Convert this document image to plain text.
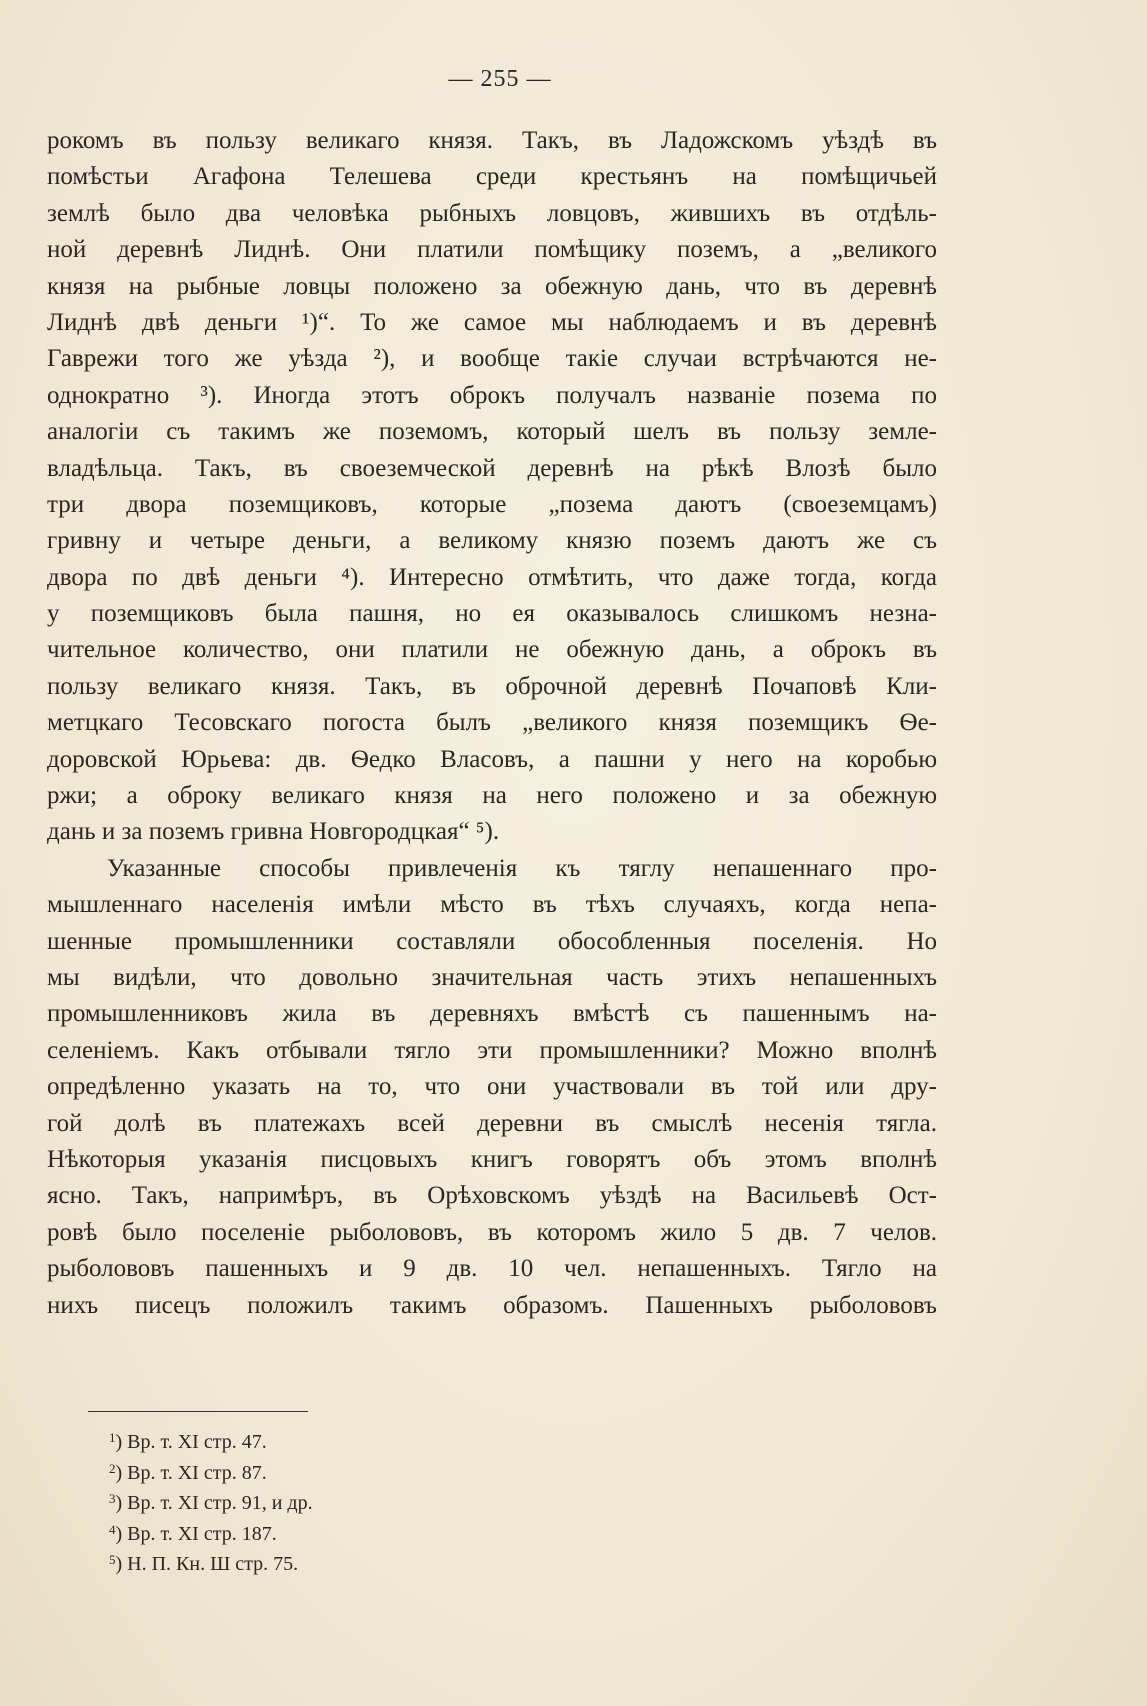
— 255 —
рокомъ въ пользу великаго князя. Такъ, въ Ладожскомъ уѣздѣ въ
помѣстьи Агафона Телешева среди крестьянъ на помѣщичьей
землѣ было два человѣка рыбныхъ ловцовъ, жившихъ въ отдѣль-
ной деревнѣ Лиднѣ. Они платили помѣщику поземъ, а „великого
князя на рыбные ловцы положено за обежную дань, что въ деревнѣ
Лиднѣ двѣ деньги ¹)“. То же самое мы наблюдаемъ и въ деревнѣ
Гаврежи того же уѣзда ²), и вообще такіе случаи встрѣчаются не-
однократно ³). Иногда этотъ оброкъ получалъ названіе позема по
аналогіи съ такимъ же поземомъ, который шелъ въ пользу земле-
владѣльца. Такъ, въ своеземческой деревнѣ на рѣкѣ Влозѣ было
три двора поземщиковъ, которые „позема даютъ (своеземцамъ)
гривну и четыре деньги, а великому князю поземъ даютъ же съ
двора по двѣ деньги ⁴). Интересно отмѣтить, что даже тогда, когда
у поземщиковъ была пашня, но ея оказывалось слишкомъ незна-
чительное количество, они платили не обежную дань, а оброкъ въ
пользу великаго князя. Такъ, въ оброчной деревнѣ Почаповѣ Кли-
метцкаго Тесовскаго погоста былъ „великого князя поземщикъ Ѳе-
доровской Юрьева: дв. Ѳедко Власовъ, а пашни у него на коробью
ржи; а оброку великаго князя на него положено и за обежную
дань и за поземъ гривна Новгородцкая“ ⁵).
Указанные способы привлеченія къ тяглу непашеннаго про-
мышленнаго населенія имѣли мѣсто въ тѣхъ случаяхъ, когда непа-
шенные промышленники составляли обособленныя поселенія. Но
мы видѣли, что довольно значительная часть этихъ непашенныхъ
промышленниковъ жила въ деревняхъ вмѣстѣ съ пашеннымъ на-
селеніемъ. Какъ отбывали тягло эти промышленники? Можно вполнѣ
опредѣленно указать на то, что они участвовали въ той или дру-
гой долѣ въ платежахъ всей деревни въ смыслѣ несенія тягла.
Нѣкоторыя указанія писцовыхъ книгъ говорятъ объ этомъ вполнѣ
ясно. Такъ, напримѣръ, въ Орѣховскомъ уѣздѣ на Васильевѣ Ост-
ровѣ было поселеніе рыболововъ, въ которомъ жило 5 дв. 7 челов.
рыболововъ пашенныхъ и 9 дв. 10 чел. непашенныхъ. Тягло на
нихъ писецъ положилъ такимъ образомъ. Пашенныхъ рыболововъ
$^1$) Вр. т. XI стр. 47.
$^2$) Вр. т. XI стр. 87.
$^3$) Вр. т. XI стр. 91, и др.
$^4$) Вр. т. XI стр. 187.
$^5$) Н. П. Кн. Ш стр. 75.
